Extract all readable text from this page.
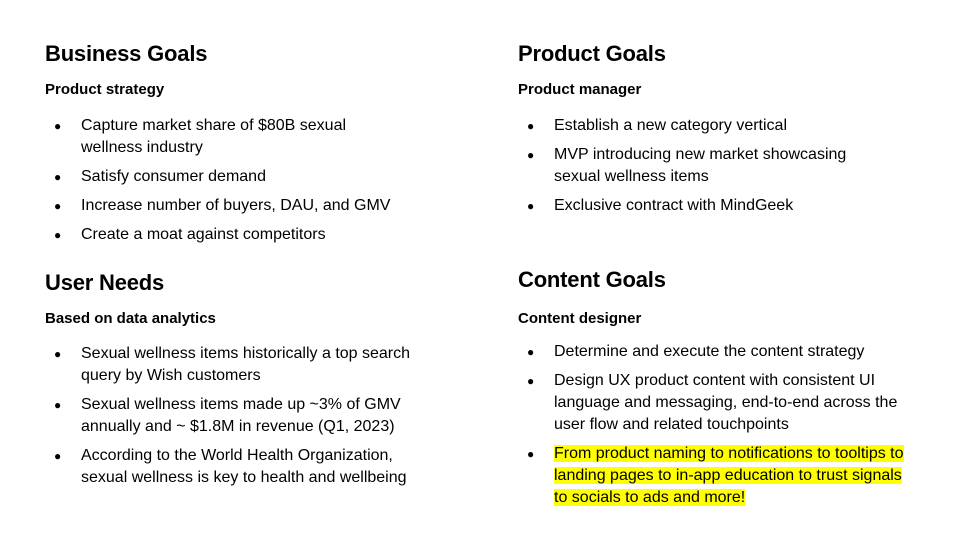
Business Goals

Product strategy

● Capture market share of $80B sexual wellness industry
● Satisfy consumer demand
● Increase number of buyers, DAU, and GMV
● Create a moat against competitors
Product Goals

Product manager

● Establish a new category vertical
● MVP introducing new market showcasing sexual wellness items
● Exclusive contract with MindGeek
User Needs

Based on data analytics

● Sexual wellness items historically a top search query by Wish customers
● Sexual wellness items made up ~3% of GMV annually and ~ $1.8M in revenue (Q1, 2023)
● According to the World Health Organization, sexual wellness is key to health and wellbeing
Content Goals

Content designer

● Determine and execute the content strategy
● Design UX product content with consistent UI language and messaging, end-to-end across the user flow and related touchpoints
● From product naming to notifications to tooltips to landing pages to in-app education to trust signals to socials to ads and more!
